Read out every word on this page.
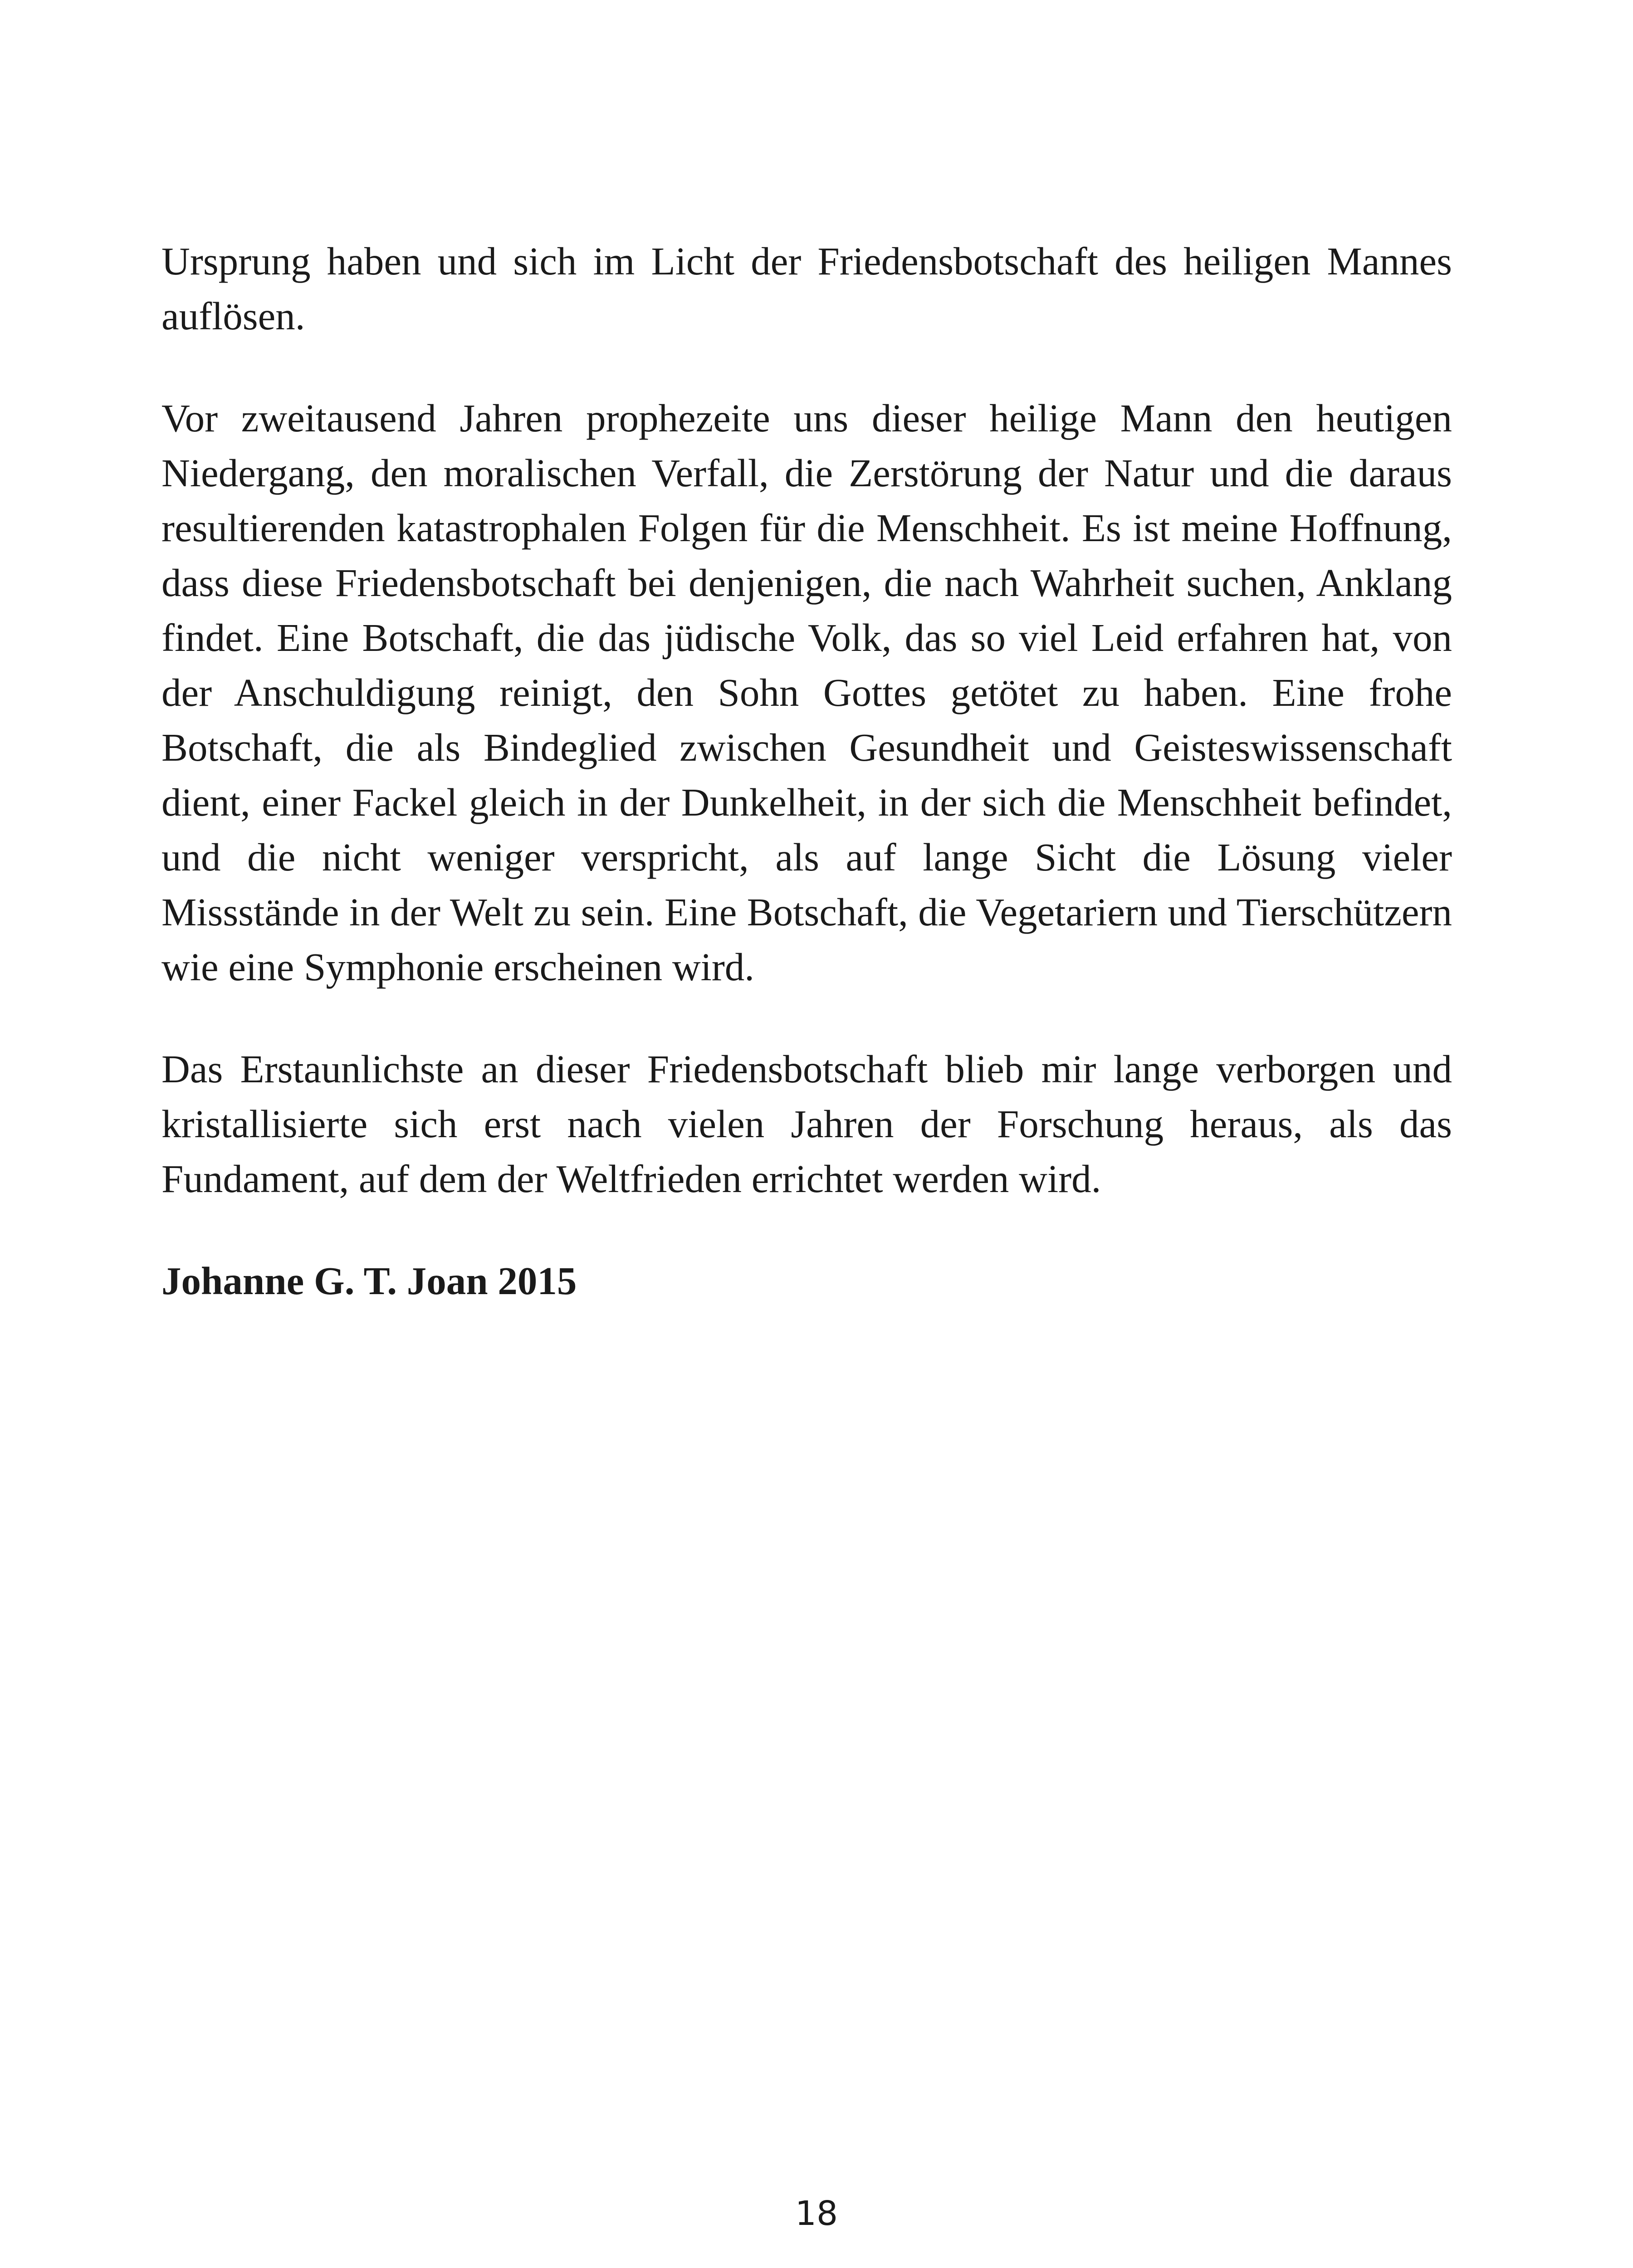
Ursprung haben und sich im Licht der Friedensbotschaft des heiligen Mannes auflösen.

Vor zweitausend Jahren prophezeite uns dieser heilige Mann den heutigen Niedergang, den moralischen Verfall, die Zerstörung der Natur und die daraus resultierenden katastrophalen Folgen für die Menschheit. Es ist meine Hoffnung, dass diese Friedensbotschaft bei denjenigen, die nach Wahrheit suchen, Anklang findet. Eine Botschaft, die das jüdische Volk, das so viel Leid erfahren hat, von der Anschuldigung reinigt, den Sohn Gottes getötet zu haben. Eine frohe Botschaft, die als Bindeglied zwischen Gesundheit und Geisteswissenschaft dient, einer Fackel gleich in der Dunkelheit, in der sich die Menschheit befindet, und die nicht weniger verspricht, als auf lange Sicht die Lösung vieler Missstände in der Welt zu sein. Eine Botschaft, die Vegetariern und Tierschützern wie eine Symphonie erscheinen wird.

Das Erstaunlichste an dieser Friedensbotschaft blieb mir lange verborgen und kristallisierte sich erst nach vielen Jahren der Forschung heraus, als das Fundament, auf dem der Weltfrieden errichtet werden wird.

Johanne G. T. Joan 2015

18
